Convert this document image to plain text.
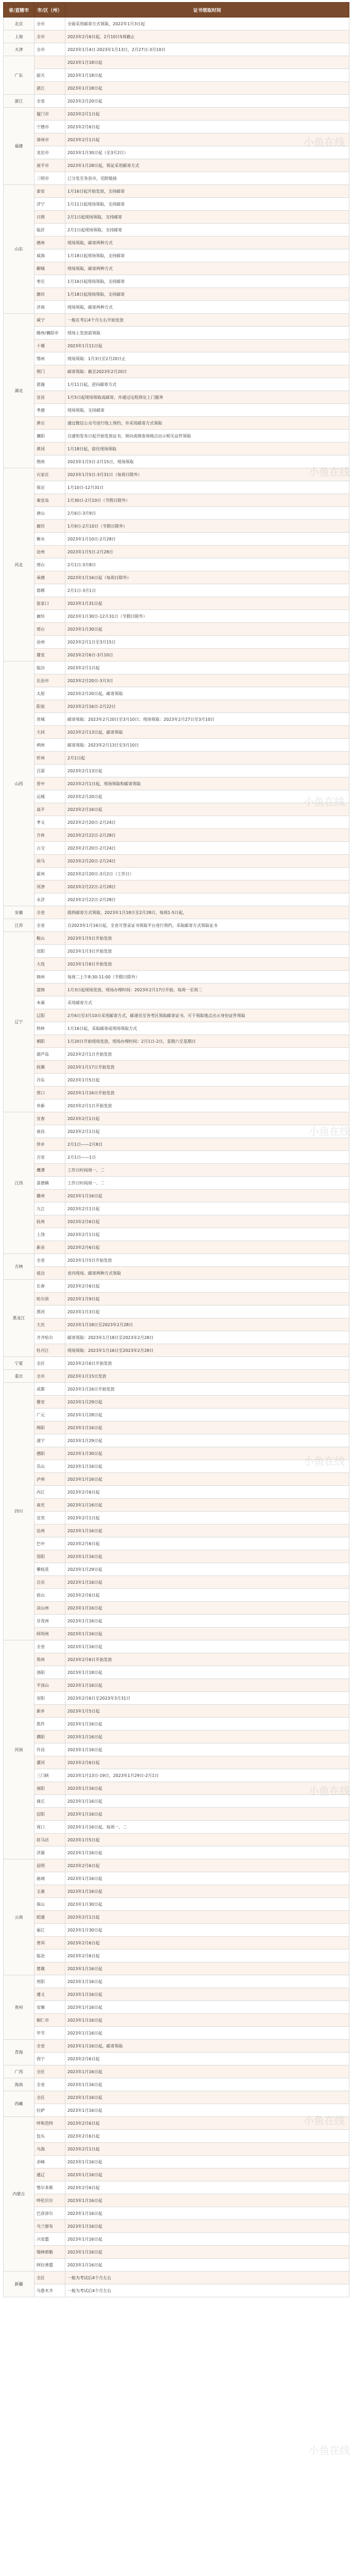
省/直辖市	市/区（州）	证书领取时间
北京	全市	全面采用邮寄方式领取，2022年1月3日起
上海	全市	2023年2月6日起，2月10日5周截止
天津	全市	2023年1月4日-2023年1月13日，2月27日-3月10日
广东		2023年1月18日起
	韶关	2023年1月18日起
	湛江	2023年1月18日起
浙江	全省	2023年2月20日起
福建	厦门市	2023年2月1日起
	宁德市	2023年2月6日起
	漳州市	2023年2月1日起
	龙岩市	2023年1月30日起（至3月2日）
	南平市	2023年1月28日起，领证采用邮寄方式
	三明市	已分发至各县市，见附链接
山东	泰安	1月16日起开始发放，支持邮寄
	济宁	1月11日起现场领取，支持邮寄
	日照	2月1日起现场领取，支持邮寄
	临沂	2月1日起现场领取，支持邮寄
	德州	现场领取，邮寄两种方式
	威海	1月18日起现场领取，支持邮寄
	聊城	现场领取，邮寄两种方式
	枣庄	1月16日起现场领取，支持邮寄
	潍坊	1月18日起现场领取，支持邮寄
	济南	现场领取，邮寄两种方式
湖北	咸宁	一般在考后4个月左右开始发放
	随州/襄阳市	现场上发放前领取
	十堰	2023年1月11日起
	鄂州	现场领取：1月3日至2月20日止
	荆门	邮寄领取：截至2023年2月20日
	恩施	1月11日起，逆向邮寄方式
	宜昌	1月5日起现场领取或邮寄，并通过远程预定上门服务
	孝感	现场领取，支持邮寄
	黄石	通过微信公众号进行线上预约，并采用邮寄方式领取
	襄阳	自通知发布日起开始发放证书，须向成绩查询地点出示相关证件领取
	黄冈	1月18日起，前往现场领取
	荆州	2023年1月5日-2月15日，现场领取
河北	石家庄	2023年1月5日-3月31日（每周日除外）
	保定	1月10日-12月31日
	秦皇岛	1月30日-2月10日（节假日除外）
	唐山	2月6日-3月9日
	廊坊	1月9日-2月10日（节假日除外）
	衡水	2023年1月10日-2月28日
	沧州	2023年1月5日-2月28日
	邢台	2月1日-3月8日
	承德	2023年1月16日起（每周日除外）
	邯郸	2月1日-3月1日
	张家口	2023年1月31日起
	廊坊	2023年1月30日-12月31日（节假日除外）
	邢台	2023年1月30日起
	沧州	2023年2月1日至3月15日
	雄安	2023年2月6日-3月10日
山西	临汾	2023年2月1日起
	长治市	2023年2月20日-3月3日
	太原	2023年2月20日起，邮寄领取
	阳泉	2023年2月16日-2月22日
	晋城	邮寄领取：2023年2月20日至3月10日；现场领取：2023年2月27日至3月10日
	大同	2023年2月13日起，邮寄领取
	朔州	邮寄领取：2023年2月13日至3月10日
	忻州	2月1日起
	吕梁	2023年2月13日起
	晋中	2023年2月1日起，现场领取和邮寄领取
	运城	2023年2月20日起
	高平	2023年2月16日起
	孝义	2023年2月20日-2月24日
	介休	2023年2月22日-2月28日
	古交	2023年2月20日-2月24日
	侯马	2023年2月20日-2月24日
	霍州	2023年2月20日-3月2日（工作日）
	河津	2023年2月22日-2月28日
	永济	2023年2月22日-2月28日
安徽	全省	提供邮寄方式领取，2023年1月18日至2月28日，每周1-5日起，
江苏	全省	自2023年1月16日起，全省可登录证书领取平台进行预约，采取邮寄方式领取证书
辽宁	鞍山	2023年1月5日开始发放
	沈阳	2023年1月3日开始发放
	大连	2023年1月6日开始发放
	锦州	每周二上午8:30-11:00（节假日除外）
	盘锦	1月3日起现场发放，现场办理时间：2023年2月17日开始，每周一至周二
	本溪	采用邮寄方式
	辽阳	2月6日至3月10日采用邮寄方式，邮递员至各考区领取邮寄证书，可于领取地点出示身份证件领取
	铁岭	1月16日起，采取邮寄或现场领取方式
	朝阳	1月20日开始现场发放，现场办理时间：2月1日-2日，星期六至星期日
	葫芦岛	2023年2月1日开始发放
	抚顺	2023年1月17日开始发放
	丹东	2023年1月5日起
	营口	2023年1月16日开始发放
	阜新	2023年2月1日开始发放
江西	宜春	2023年2月1日起
	南昌	2023年2月1日起
	萍乡	2月1日——2月8日
	吉安	2月1日——1日
	鹰潭	工作日时间周一、二
	景德镇	工作日时间周一、二
	赣州	2023年1月16日起
	九江	2023年2月1日起
	抚州	2023年2月6日起
	上饶	2023年2月1日起
	新余	2023年2月6日起
吉林	全省	2023年1月5日开始发放
	延边	省内现场、邮寄两种方式领取
黑龙江	长春	2023年2月6日起
	哈尔滨	2023年1月9日起
	黑河	2023年1月3日起
	大庆	2023年1月18日至2023年2月28日
	齐齐哈尔	邮寄领取：2023年1月18日至2023年2月28日
	牡丹江	现场领取：2023年1月16日至2023年2月28日
宁夏	全区	2023年2月6日开始发放
重庆	全市	2023年1月15日发放
四川	成都	2023年1月16日开始发放
	雅安	2023年1月29日起
	广元	2023年1月28日起
	绵阳	2023年1月16日起
	遂宁	2023年1月29日起
	德阳	2023年1月30日起
	乐山	2023年1月16日起
	泸州	2023年1月16日起
	内江	2023年2月6日起
	南充	2023年1月16日起
	宜宾	2023年2月1日起
	达州	2023年1月16日起
	巴中	2023年2月6日起
	资阳	2023年1月16日起
	攀枝花	2023年1月29日起
	自贡	2023年1月16日起
	眉山	2023年2月6日起
	凉山州	2023年1月16日起
	甘孜州	2023年1月16日起
	阿坝州	2023年1月16日起
河南	全省	2023年1月16日起
	郑州	2023年2月6日开始发放
	洛阳	2023年1月18日起
	平顶山	2023年1月16日起
	安阳	2023年2月6日至2023年3月31日
	新乡	2023年1月5日起
	焦作	2023年1月16日起
	濮阳	2023年1月16日起
	许昌	2023年1月16日起
	漯河	2023年2月6日起
	三门峡	2023年1月13日-19日，2023年1月29日-2月1日
	南阳	2023年1月16日起
	商丘	2023年1月16日起
	信阳	2023年1月16日起
	周口	2023年1月16日起，每周一、二
	驻马店	2023年1月5日起
	济源	2023年1月16日起
云南	昆明	2023年2月6日起
	曲靖	2023年1月16日起
	玉溪	2023年1月16日起
	保山	2023年1月30日起
	昭通	2023年2月1日起
	丽江	2023年1月30日起
	普洱	2023年2月6日起
	临沧	2023年2月6日起
	楚雄	2023年1月16日起
贵州	贵阳	2023年1月16日起
	遵义	2023年1月16日起
	安顺	2023年1月16日起
	铜仁市	2023年1月16日起
	毕节	2023年1月16日起
青海	全省	2023年1月16日起，邮寄领取
	西宁	2023年2月6日起
广西	全区	2023年1月16日起
海南	全省	2023年1月16日起
西藏	全区	2023年1月16日起
	拉萨	2023年1月16日起
内蒙古	呼和浩特	2023年2月6日起
	包头	2023年2月6日起
	乌海	2023年2月1日起
	赤峰	2023年1月16日起
	通辽	2023年1月16日起
	鄂尔多斯	2023年2月6日起
	呼伦贝尔	2023年1月16日起
	巴彦淖尔	2023年1月16日起
	乌兰察布	2023年1月16日起
	兴安盟	2023年1月16日起
	锡林郭勒	2023年1月16日起
	阿拉善盟	2023年1月16日起
新疆	全区	一般为考试后4个月左右
	乌鲁木齐	一般为考试后4个月左右
小鱼在线
小鱼在线
小鱼在线
小鱼在线
